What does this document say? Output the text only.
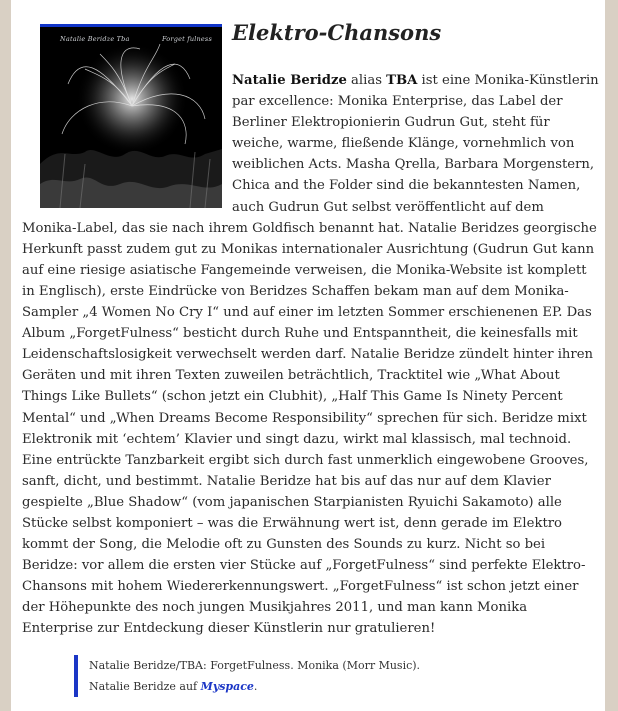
Natalie Beridze Tba	Forget fulness Elektro-Chansons
Natalie Beridze alias TBA ist eine Monika-Künstlerin par excellence: Monika Enterprise, das Label der Berliner Elektropionierin Gudrun Gut, steht für weiche, warme, fließende Klänge, vornehmlich von weiblichen Acts. Masha Qrella, Barbara Morgenstern, Chica and the Folder sind die bekanntesten Namen, auch Gudrun Gut selbst veröffentlicht auf dem Monika-Label, das sie nach ihrem Goldfisch benannt hat. Natalie Beridzes georgische Herkunft passt zudem gut zu Monikas internationaler Ausrichtung (Gudrun Gut kann auf eine riesige asiatische Fangemeinde verweisen, die Monika-Website ist komplett in Englisch), erste Eindrücke von Beridzes Schaffen bekam man auf dem Monika-Sampler „4 Women No Cry I“ und auf einer im letzten Sommer erschienenen EP. Das Album „ForgetFulness“ besticht durch Ruhe und Entspanntheit, die keinesfalls mit Leidenschaftslosigkeit verwechselt werden darf. Natalie Beridze zündelt hinter ihren Geräten und mit ihren Texten zuweilen beträchtlich, Tracktitel wie „What About Things Like Bullets“ (schon jetzt ein Clubhit), „Half This Game Is Ninety Percent Mental“ und „When Dreams Become Responsibility“ sprechen für sich. Beridze mixt Elektronik mit ‘echtem’ Klavier und singt dazu, wirkt mal klassisch, mal technoid. Eine entrückte Tanzbarkeit ergibt sich durch fast unmerklich eingewobene Grooves, sanft, dicht, und bestimmt. Natalie Beridze hat bis auf das nur auf dem Klavier gespielte „Blue Shadow“ (vom japanischen Starpianisten Ryuichi Sakamoto) alle Stücke selbst komponiert – was die Erwähnung wert ist, denn gerade im Elektro kommt der Song, die Melodie oft zu Gunsten des Sounds zu kurz. Nicht so bei Beridze: vor allem die ersten vier Stücke auf „ForgetFulness“ sind perfekte Elektro-Chansons mit hohem Wiedererkennungswert. „ForgetFulness“ ist schon jetzt einer der Höhepunkte des noch jungen Musikjahres 2011, und man kann Monika Enterprise zur Entdeckung dieser Künstlerin nur gratulieren!
Natalie Beridze/TBA: ForgetFulness. Monika (Morr Music).
Natalie Beridze auf Myspace.
